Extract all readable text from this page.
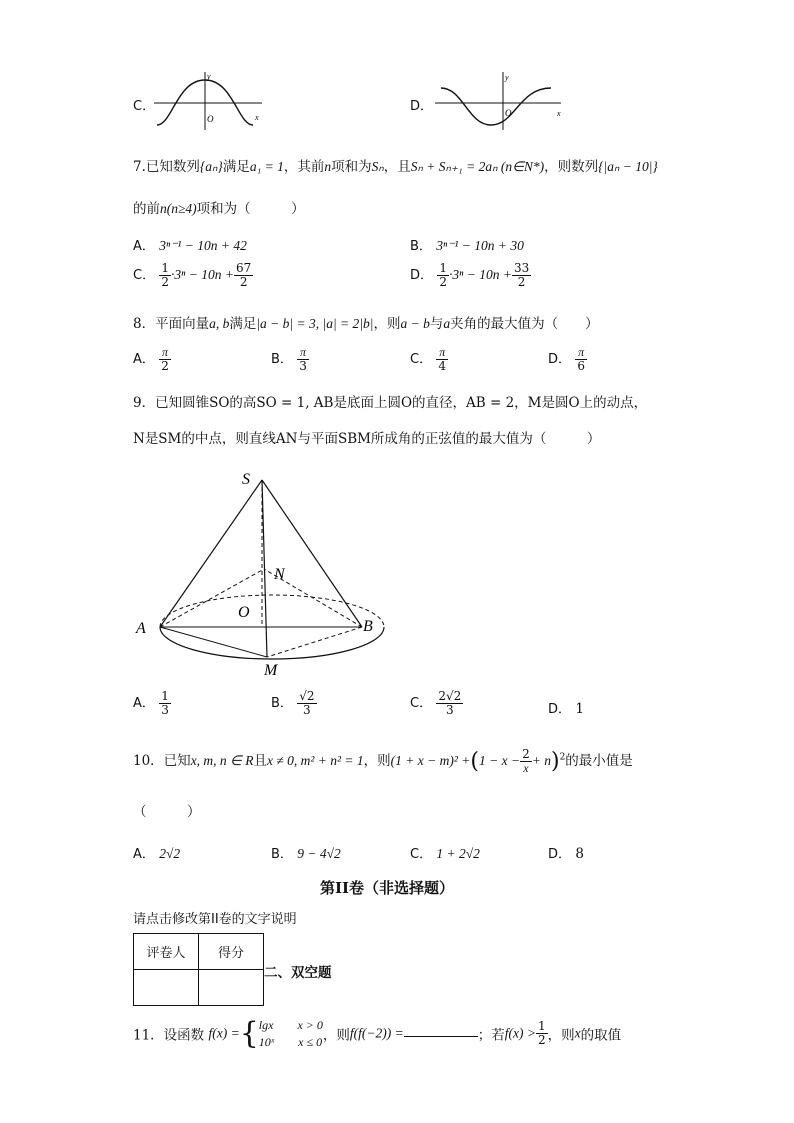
C．
O	x
y
D．	O	x
y
7.已知数列{aₙ}满足a₁ = 1，其前n项和为Sₙ，且Sₙ + Sₙ₊₁ = 2aₙ (n∈N*)，则数列{|aₙ − 10|}
的前n(n≥4)项和为（　　　）
A． 3ⁿ⁻¹ − 10n + 42	B． 3ⁿ⁻¹ − 10n + 30
C． $\frac{1}{2} \cdot 3^n - 10n + \frac{67}{2}$	D． $\frac{1}{2} \cdot 3^n - 10n + \frac{33}{2}$
8．平面向量a, b满足|a − b| = 3, |a| = 2|b|，则a − b与a夹角的最大值为（　　）
A． $\frac{\pi}{2}$	B． $\frac{\pi}{3}$	C． $\frac{\pi}{4}$	D． $\frac{\pi}{6}$
9．已知圆锥SO的高SO = 1, AB是底面上圆O的直径，AB = 2，M是圆O上的动点，
N是SM的中点，则直线AN与平面SBM所成角的正弦值的最大值为（　　　）
S
N
O
A	B
M
A． $\frac{1}{3}$	B． $\frac{√2}{3}$	C． $\frac{2√2}{3}$	D． 1
10．已知x, m, n ∈ R且x ≠ 0, m² + n² = 1，则$(1 + x - m)^2 +(1 - x - \frac{2}{x} + n)^2$的最小值是
（　　　）
A． 2√2	B． 9 − 4√2	C． 1 + 2√2	D． 8
第II卷（非选择题）
请点击修改第II卷的文字说明
评卷人	得分

二、双空题
11．设函数 f(x) ={ lgx　　x > 0
10ˣ　　x ≤ 0 ，则f(f(−2)) =	；若$f(x) > \frac{1}{2}$ ，则x的取值
